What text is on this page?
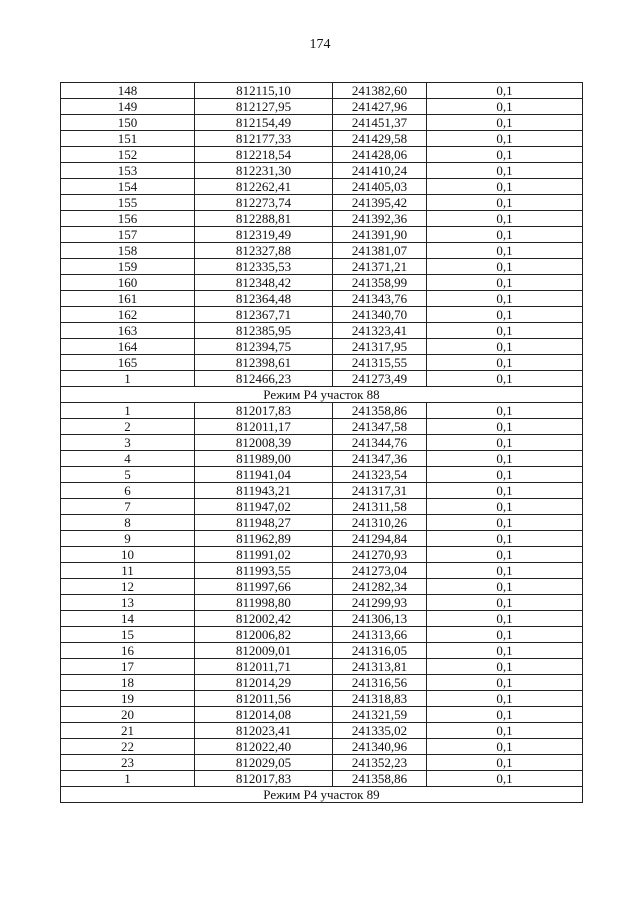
174
148	812115,10	241382,60	0,1
149	812127,95	241427,96	0,1
150	812154,49	241451,37	0,1
151	812177,33	241429,58	0,1
152	812218,54	241428,06	0,1
153	812231,30	241410,24	0,1
154	812262,41	241405,03	0,1
155	812273,74	241395,42	0,1
156	812288,81	241392,36	0,1
157	812319,49	241391,90	0,1
158	812327,88	241381,07	0,1
159	812335,53	241371,21	0,1
160	812348,42	241358,99	0,1
161	812364,48	241343,76	0,1
162	812367,71	241340,70	0,1
163	812385,95	241323,41	0,1
164	812394,75	241317,95	0,1
165	812398,61	241315,55	0,1
1	812466,23	241273,49	0,1
Режим Р4 участок 88			
1	812017,83	241358,86	0,1
2	812011,17	241347,58	0,1
3	812008,39	241344,76	0,1
4	811989,00	241347,36	0,1
5	811941,04	241323,54	0,1
6	811943,21	241317,31	0,1
7	811947,02	241311,58	0,1
8	811948,27	241310,26	0,1
9	811962,89	241294,84	0,1
10	811991,02	241270,93	0,1
11	811993,55	241273,04	0,1
12	811997,66	241282,34	0,1
13	811998,80	241299,93	0,1
14	812002,42	241306,13	0,1
15	812006,82	241313,66	0,1
16	812009,01	241316,05	0,1
17	812011,71	241313,81	0,1
18	812014,29	241316,56	0,1
19	812011,56	241318,83	0,1
20	812014,08	241321,59	0,1
21	812023,41	241335,02	0,1
22	812022,40	241340,96	0,1
23	812029,05	241352,23	0,1
1	812017,83	241358,86	0,1
Режим Р4 участок 89			
